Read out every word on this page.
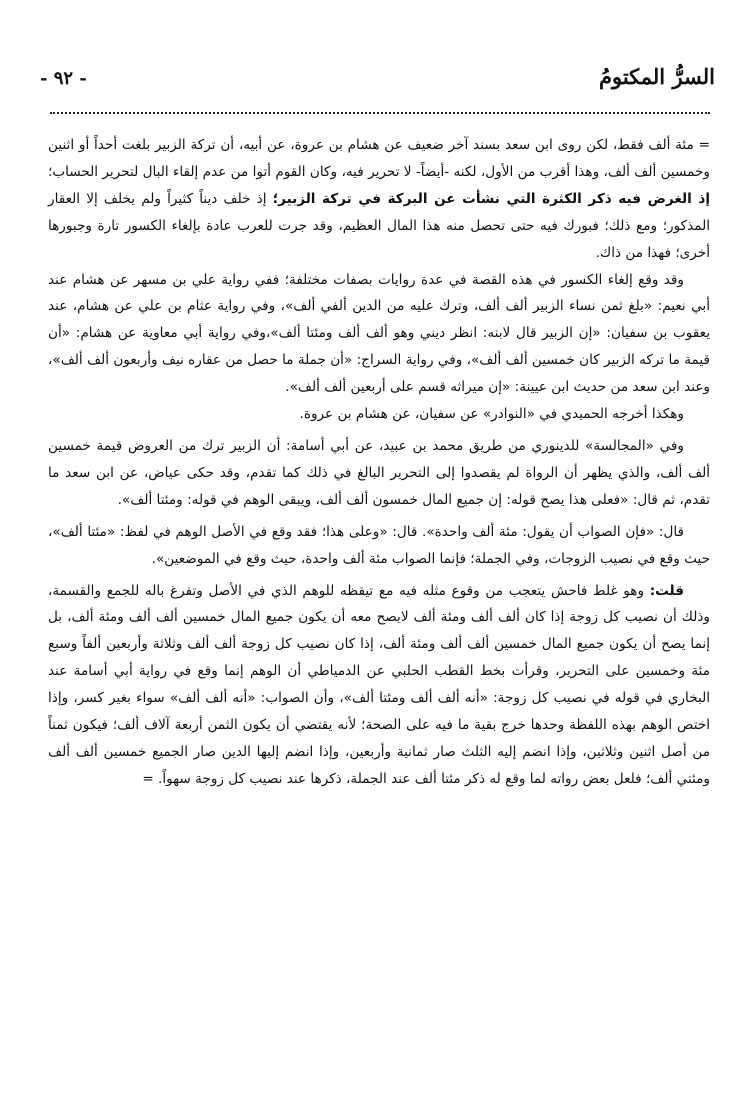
السرُّ المكتومُ
- ٩٢ -

= مئة ألف فقط، لكن روى ابن سعد بسند آخر ضعيف عن هشام بن عروة، عن أبيه، أن تركة الزبير بلغت أحداً أو اثنين وخمسين ألف ألف، وهذا أقرب من الأول، لكنه -أيضاً- لا تحرير فيه، وكان القوم أتوا من عدم إلقاء البال لتحرير الحساب؛ إذ الغرض فيه ذكر الكثرة التي نشأت عن البركة في تركة الزبير؛ إذ خلف ديناً كثيراً ولم يخلف إلا العقار المذكور؛ ومع ذلك؛ فبورك فيه حتى تحصل منه هذا المال العظيم، وقد جرت للعرب عادة بإلغاء الكسور تارة وجبورها أخرى؛ فهذا من ذاك.

وقد وقع إلغاء الكسور في هذه القصة في عدة روايات بصفات مختلفة؛ ففي رواية علي بن مسهر عن هشام عند أبي نعيم: «بلغ ثمن نساء الزبير ألف ألف، وترك عليه من الدين ألفي ألف»، وفي رواية عثام بن علي عن هشام، عند يعقوب بن سفيان: «إن الزبير قال لابنه: انظر ديني وهو ألف ألف ومئتا ألف»،وفي رواية أبي معاوية عن هشام: «أن قيمة ما تركه الزبير كان خمسين ألف ألف»، وفي رواية السراج: «أن جملة ما حصل من عقاره نيف وأربعون ألف ألف»، وعند ابن سعد من حديث ابن عيينة: «إن ميراثه قسم على أربعين ألف ألف».

وهكذا أخرجه الحميدي في «النوادر» عن سفيان، عن هشام بن عروة.

وفي «المجالسة» للدينوري من طريق محمد بن عبيد، عن أبي أسامة: أن الزبير ترك من العروض قيمة خمسين ألف ألف، والذي يظهر أن الرواة لم يقصدوا إلى التحرير البالغ في ذلك كما تقدم، وقد حكى عياض، عن ابن سعد ما تقدم، ثم قال: «فعلى هذا يصح قوله: إن جميع المال خمسون ألف ألف، ويبقى الوهم في قوله: ومئتا ألف».

قال: «فإن الصواب أن يقول: مئة ألف واحدة». قال: «وعلى هذا؛ فقد وقع في الأصل الوهم في لفظ: «مئتا ألف»، حيث وقع في نصيب الزوجات، وفي الجملة؛ فإنما الصواب مئة ألف واحدة، حيث وقع في الموضعين».

قلت: وهو غلط فاحش يتعجب من وقوع مثله فيه مع تيقظه للوهم الذي في الأصل وتفرغ باله للجمع والقسمة، وذلك أن نصيب كل زوجة إذا كان ألف ألف ومئة ألف لايصح معه أن يكون جميع المال خمسين ألف ألف ومئة ألف، بل إنما يصح أن يكون جميع المال خمسين ألف ألف ومئة ألف، إذا كان نصيب كل زوجة ألف ألف وثلاثة وأربعين ألفاً وسبع مئة وخمسين على التحرير، وقرأت بخط القطب الحلبي عن الدمياطي أن الوهم إنما وقع في رواية أبي أسامة عند البخاري في قوله في نصيب كل زوجة: «أنه ألف ألف ومئتا ألف»، وأن الصواب: «أنه ألف ألف» سواء بغير كسر، وإذا اختص الوهم بهذه اللفظة وحدها خرج بقية ما فيه على الصحة؛ لأنه يقتضي أن يكون الثمن أربعة آلاف ألف؛ فيكون ثمناً من أصل اثنين وثلاثين، وإذا انضم إليه الثلث صار ثمانية وأربعين، وإذا انضم إليها الدين صار الجميع خمسين ألف ألف ومئتي ألف؛ فلعل بعض رواته لما وقع له ذكر مئتا ألف عند الجملة، ذكرها عند نصيب كل زوجة سهواً. =
